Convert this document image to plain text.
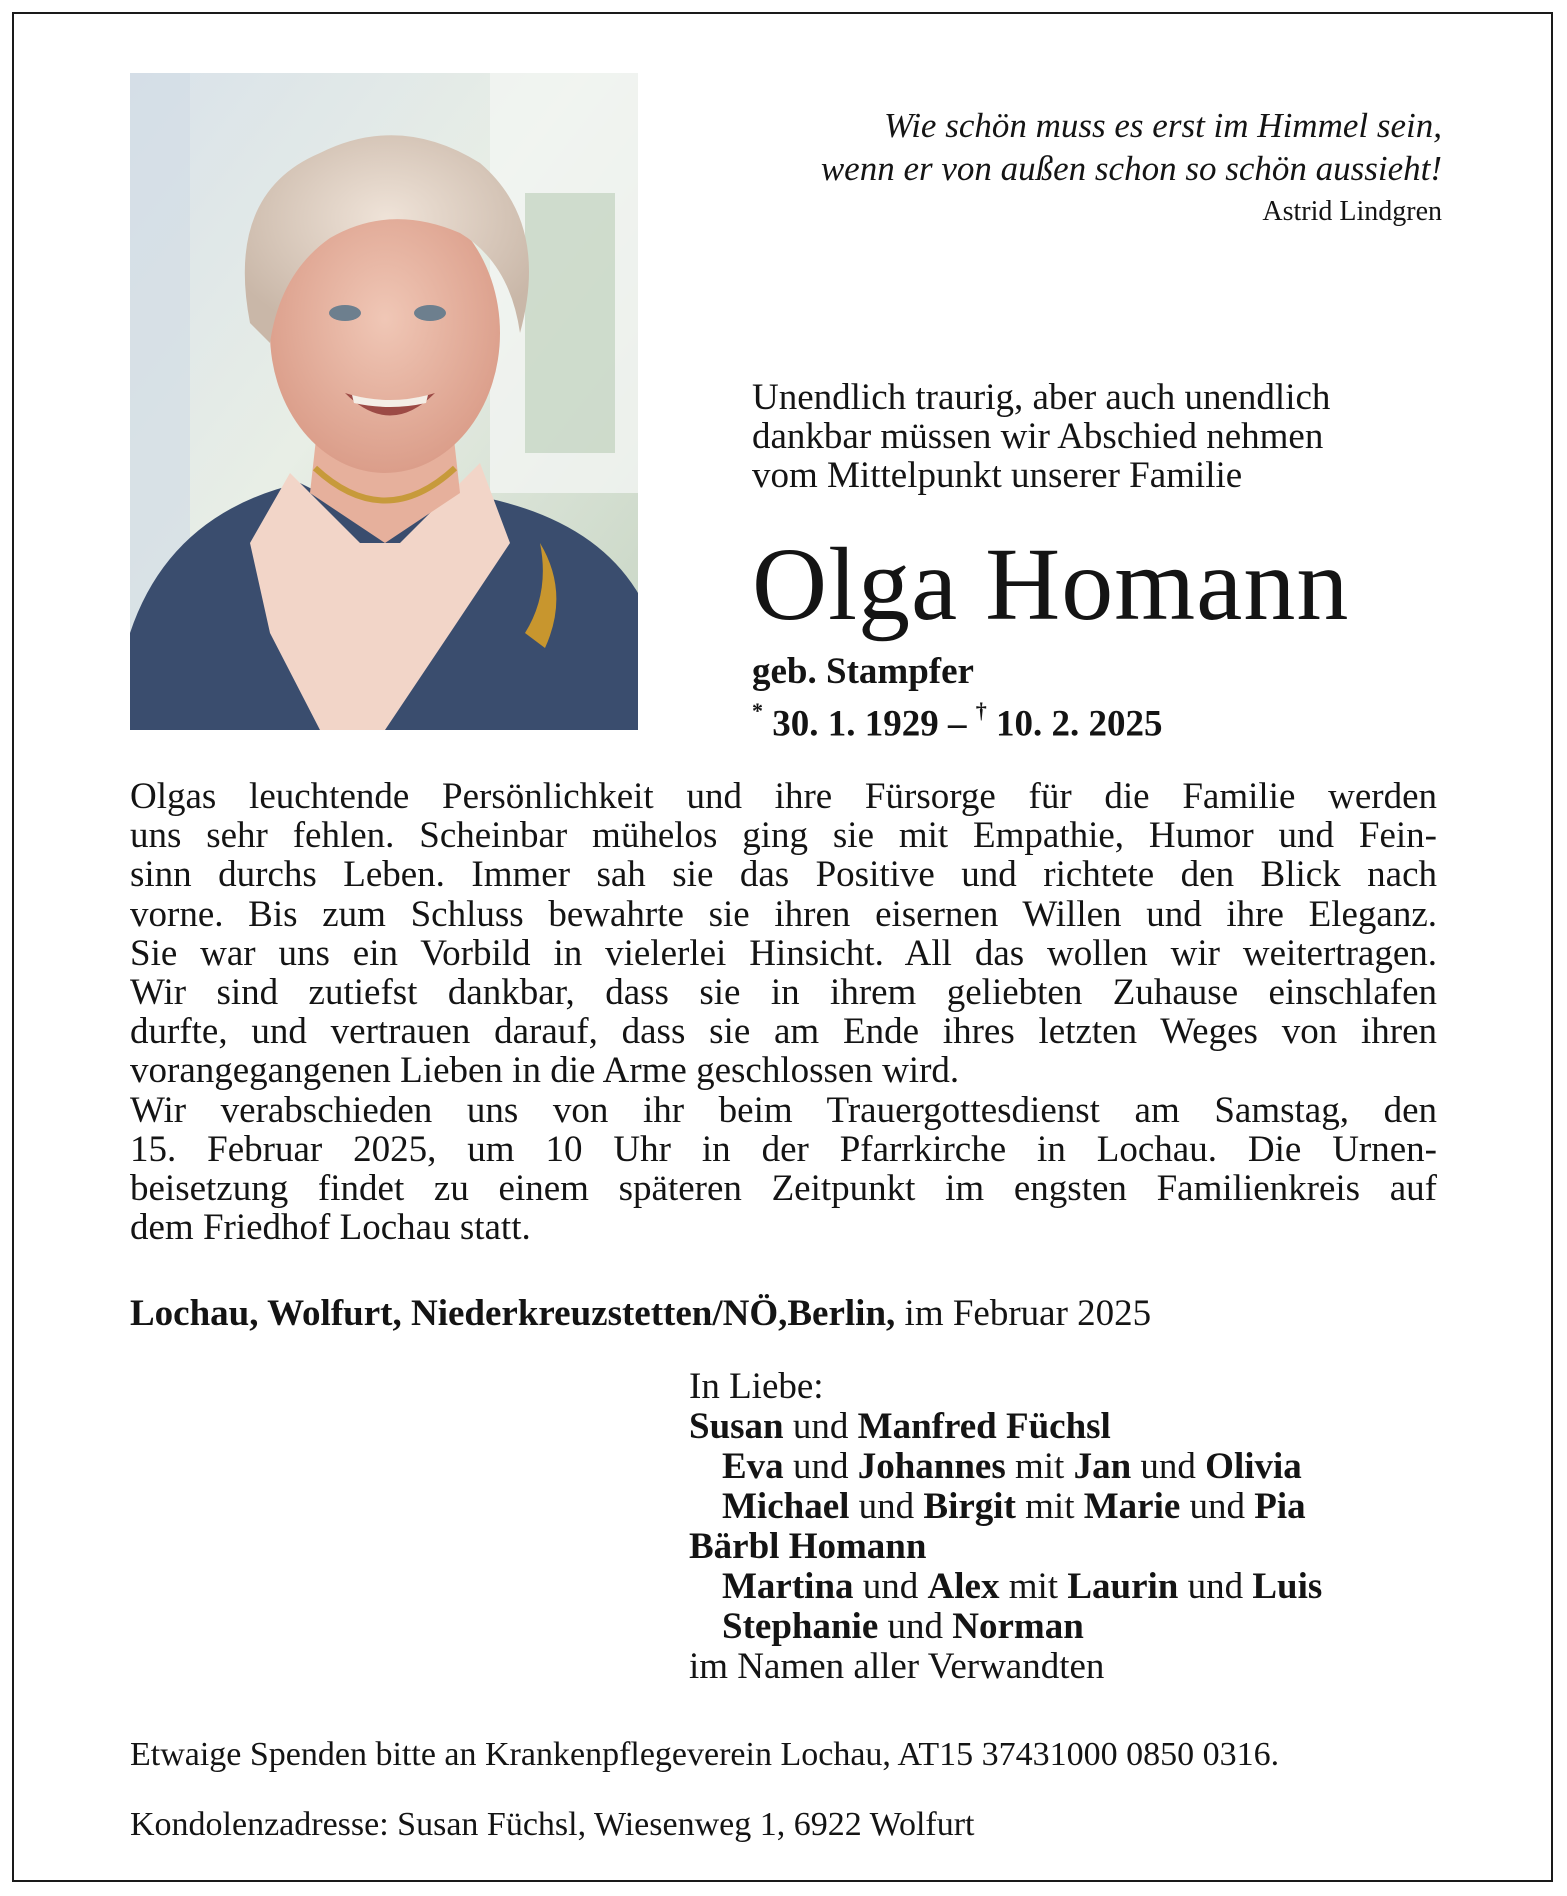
Wie schön muss es erst im Himmel sein,
wenn er von außen schon so schön aussieht!
Astrid Lindgren
Unendlich traurig, aber auch unendlich
dankbar müssen wir Abschied nehmen
vom Mittelpunkt unserer Familie
Olga Homann
geb. Stampfer
* 30. 1. 1929 – † 10. 2. 2025
Olgas leuchtende Persönlichkeit und ihre Fürsorge für die Familie werden
uns sehr fehlen. Scheinbar mühelos ging sie mit Empathie, Humor und Fein-
sinn durchs Leben. Immer sah sie das Positive und richtete den Blick nach
vorne. Bis zum Schluss bewahrte sie ihren eisernen Willen und ihre Eleganz.
Sie war uns ein Vorbild in vielerlei Hinsicht. All das wollen wir weitertragen.
Wir sind zutiefst dankbar, dass sie in ihrem geliebten Zuhause einschlafen
durfte, und vertrauen darauf, dass sie am Ende ihres letzten Weges von ihren
vorangegangenen Lieben in die Arme geschlossen wird.
Wir verabschieden uns von ihr beim Trauergottesdienst am Samstag, den
15. Februar 2025, um 10 Uhr in der Pfarrkirche in Lochau. Die Urnen-
beisetzung findet zu einem späteren Zeitpunkt im engsten Familienkreis auf
dem Friedhof Lochau statt.
Lochau, Wolfurt, Niederkreuzstetten/NÖ,Berlin, im Februar 2025
In Liebe:
Susan und Manfred Füchsl
Eva und Johannes mit Jan und Olivia
Michael und Birgit mit Marie und Pia
Bärbl Homann
Martina und Alex mit Laurin und Luis
Stephanie und Norman
im Namen aller Verwandten
Etwaige Spenden bitte an Krankenpflegeverein Lochau, AT15 37431000 0850 0316.
Kondolenzadresse: Susan Füchsl, Wiesenweg 1, 6922 Wolfurt
